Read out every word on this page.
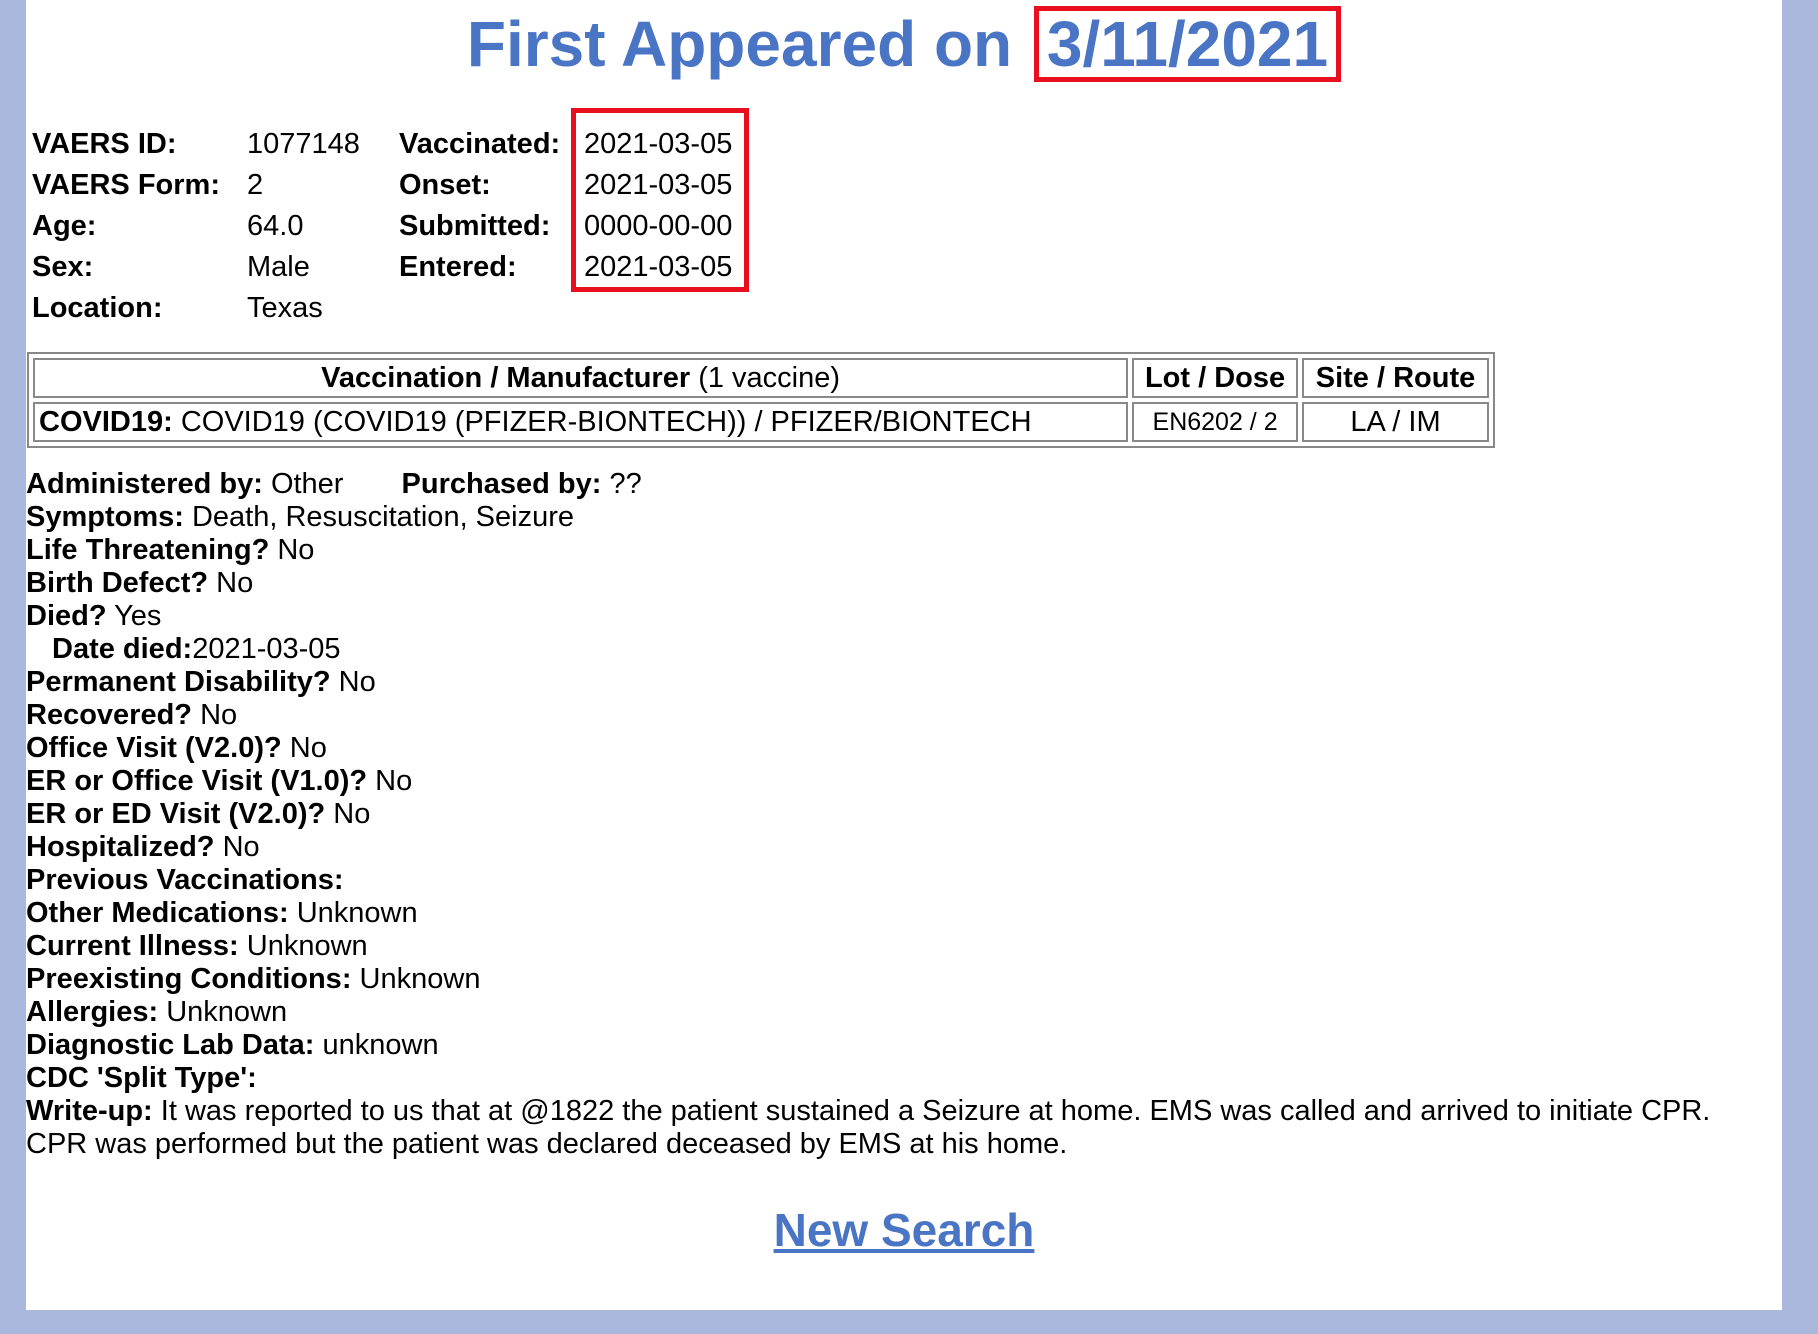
First Appeared on 3/11/2021
VAERS ID: 1077148 Vaccinated: 2021-03-05
VAERS Form: 2	Onset:	2021-03-05
Age:	64.0	Submitted: 0000-00-00
Sex:	Male	Entered: 2021-03-05
Location:	Texas
Vaccination / Manufacturer (1 vaccine)	Lot / Dose	Site / Route
COVID19: COVID19 (COVID19 (PFIZER-BIONTECH)) / PFIZER/BIONTECH	EN6202 / 2	LA / IM
Administered by: Other Purchased by: ??
Symptoms: Death, Resuscitation, Seizure
Life Threatening? No
Birth Defect? No
Died? Yes
Date died:2021-03-05
Permanent Disability? No
Recovered? No
Office Visit (V2.0)? No
ER or Office Visit (V1.0)? No
ER or ED Visit (V2.0)? No
Hospitalized? No
Previous Vaccinations:
Other Medications: Unknown
Current Illness: Unknown
Preexisting Conditions: Unknown
Allergies: Unknown
Diagnostic Lab Data: unknown
CDC 'Split Type':
Write-up: It was reported to us that at @1822 the patient sustained a Seizure at home. EMS was called and arrived to initiate CPR. CPR was performed but the patient was declared deceased by EMS at his home.
New Search
